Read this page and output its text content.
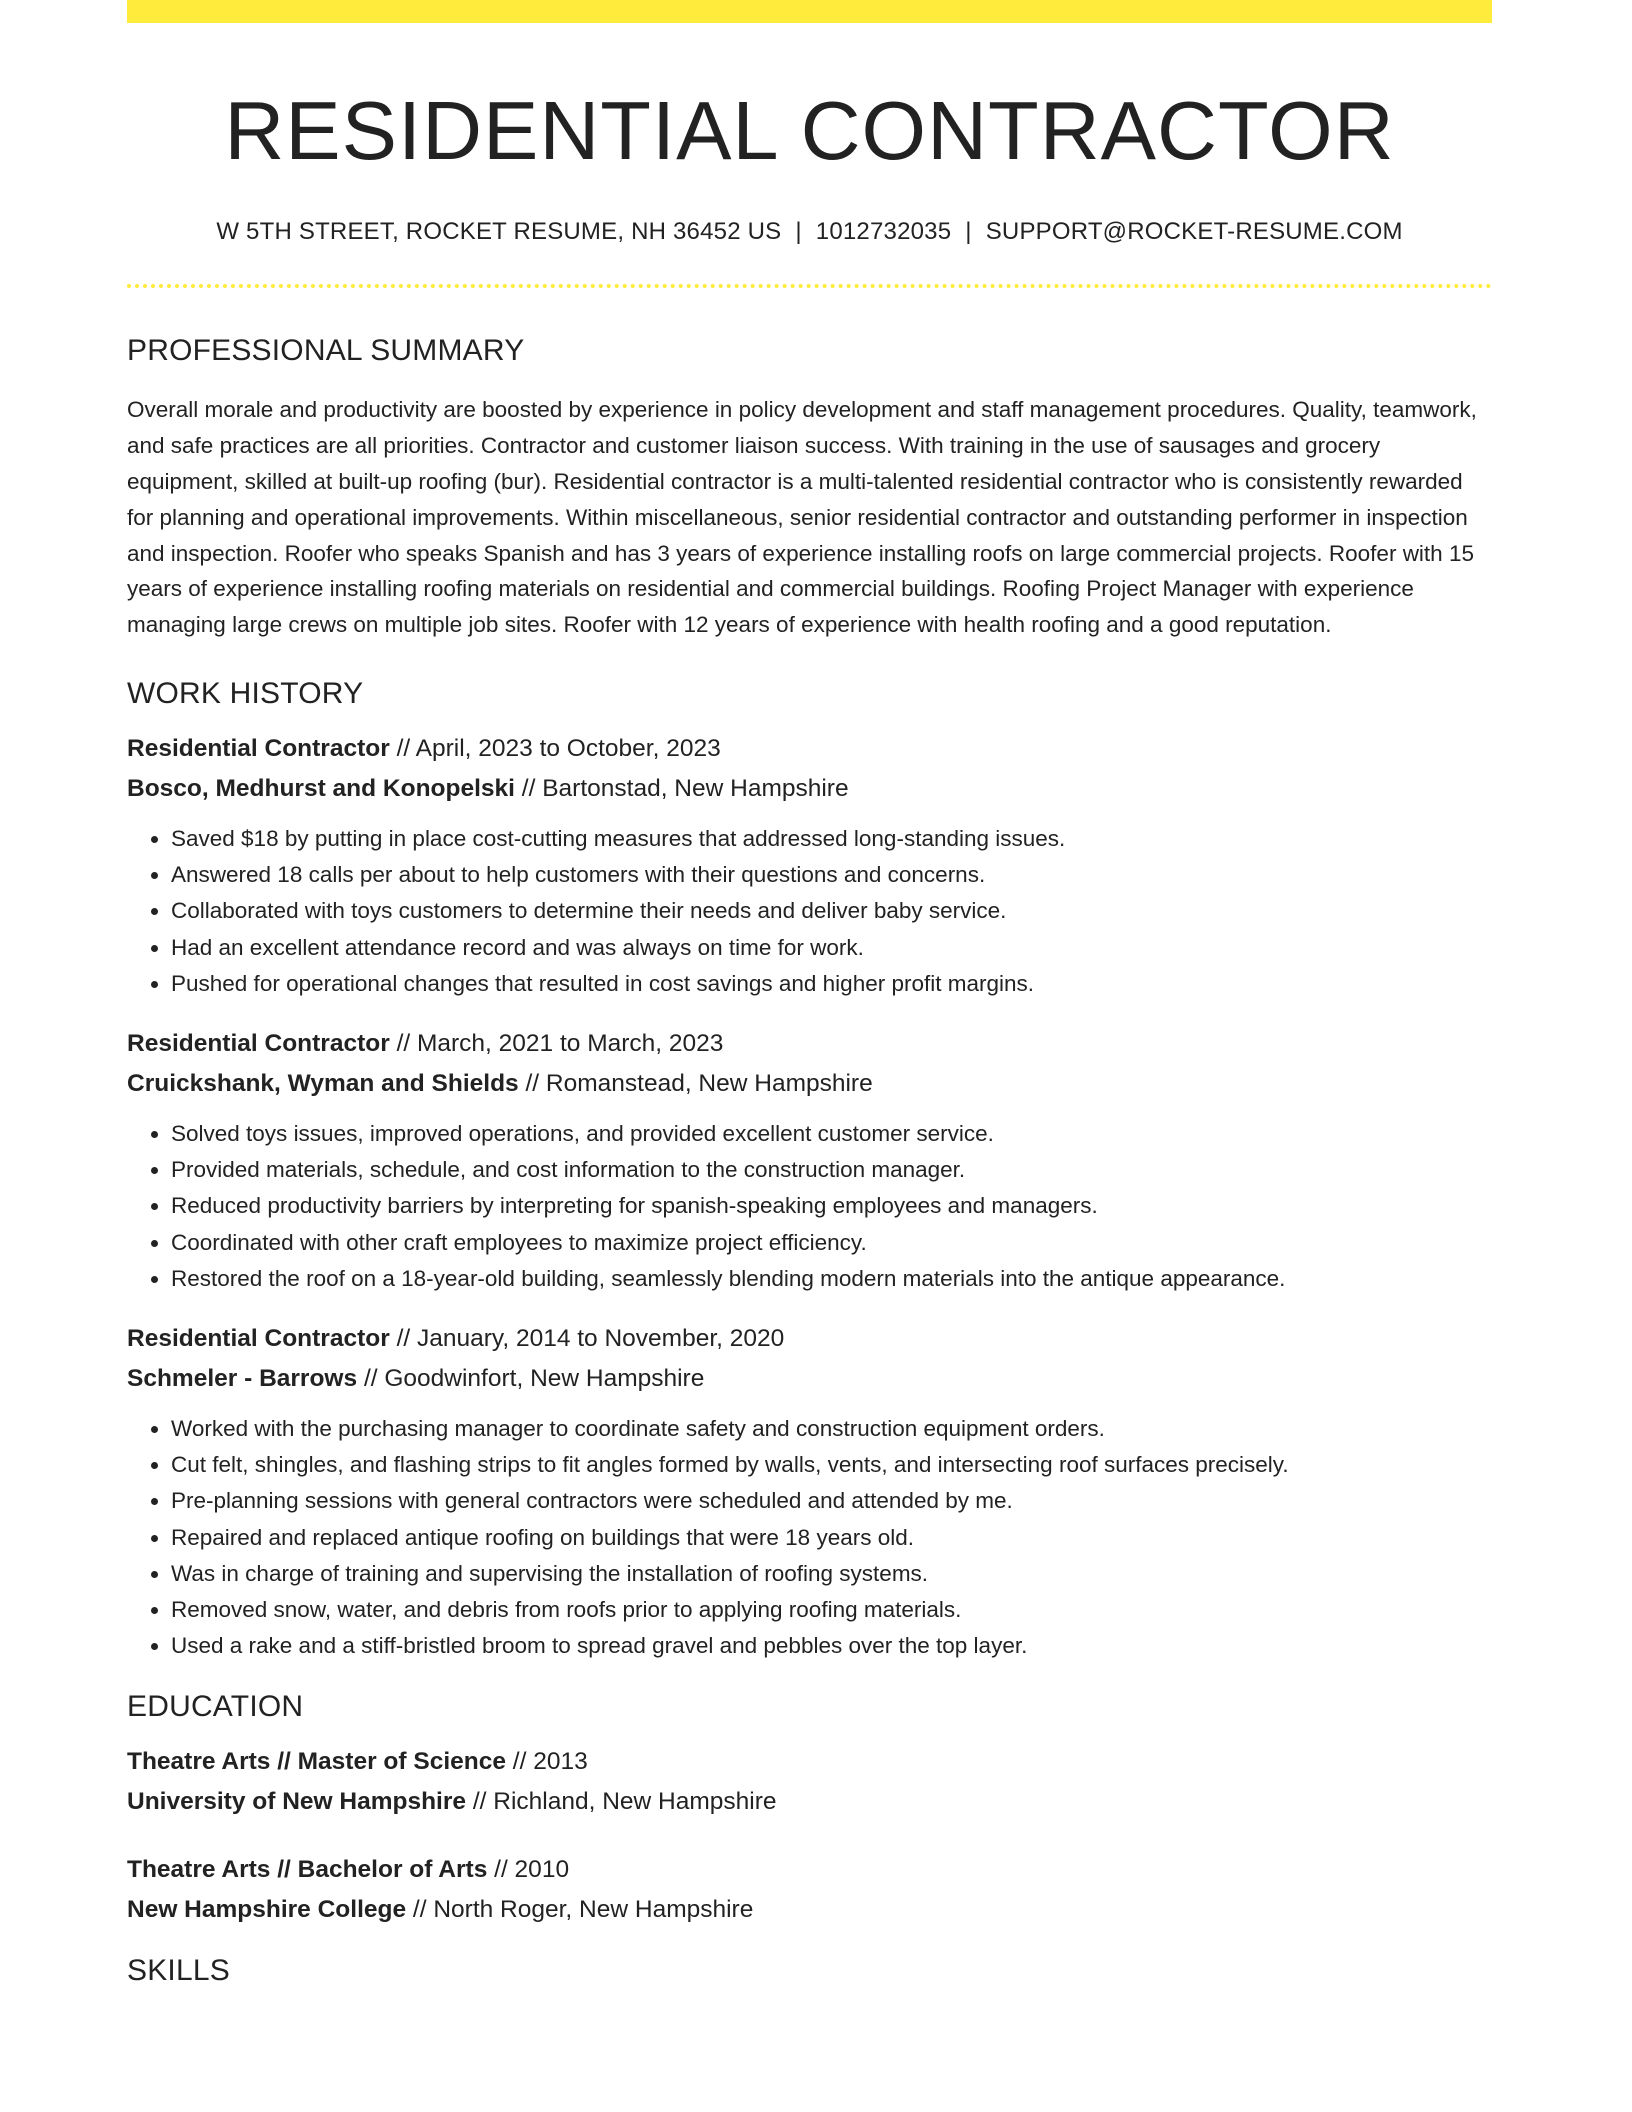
RESIDENTIAL CONTRACTOR
W 5TH STREET, ROCKET RESUME, NH 36452 US | 1012732035 | SUPPORT@ROCKET-RESUME.COM
PROFESSIONAL SUMMARY
Overall morale and productivity are boosted by experience in policy development and staff management procedures. Quality, teamwork, and safe practices are all priorities. Contractor and customer liaison success. With training in the use of sausages and grocery equipment, skilled at built-up roofing (bur). Residential contractor is a multi-talented residential contractor who is consistently rewarded for planning and operational improvements. Within miscellaneous, senior residential contractor and outstanding performer in inspection and inspection. Roofer who speaks Spanish and has 3 years of experience installing roofs on large commercial projects. Roofer with 15 years of experience installing roofing materials on residential and commercial buildings. Roofing Project Manager with experience managing large crews on multiple job sites. Roofer with 12 years of experience with health roofing and a good reputation.
WORK HISTORY
Residential Contractor // April, 2023 to October, 2023
Bosco, Medhurst and Konopelski // Bartonstad, New Hampshire
• Saved $18 by putting in place cost-cutting measures that addressed long-standing issues.
• Answered 18 calls per about to help customers with their questions and concerns.
• Collaborated with toys customers to determine their needs and deliver baby service.
• Had an excellent attendance record and was always on time for work.
• Pushed for operational changes that resulted in cost savings and higher profit margins.
Residential Contractor // March, 2021 to March, 2023
Cruickshank, Wyman and Shields // Romanstead, New Hampshire
• Solved toys issues, improved operations, and provided excellent customer service.
• Provided materials, schedule, and cost information to the construction manager.
• Reduced productivity barriers by interpreting for spanish-speaking employees and managers.
• Coordinated with other craft employees to maximize project efficiency.
• Restored the roof on a 18-year-old building, seamlessly blending modern materials into the antique appearance.
Residential Contractor // January, 2014 to November, 2020
Schmeler - Barrows // Goodwinfort, New Hampshire
• Worked with the purchasing manager to coordinate safety and construction equipment orders.
• Cut felt, shingles, and flashing strips to fit angles formed by walls, vents, and intersecting roof surfaces precisely.
• Pre-planning sessions with general contractors were scheduled and attended by me.
• Repaired and replaced antique roofing on buildings that were 18 years old.
• Was in charge of training and supervising the installation of roofing systems.
• Removed snow, water, and debris from roofs prior to applying roofing materials.
• Used a rake and a stiff-bristled broom to spread gravel and pebbles over the top layer.
EDUCATION
Theatre Arts // Master of Science // 2013
University of New Hampshire // Richland, New Hampshire
Theatre Arts // Bachelor of Arts // 2010
New Hampshire College // North Roger, New Hampshire
SKILLS
